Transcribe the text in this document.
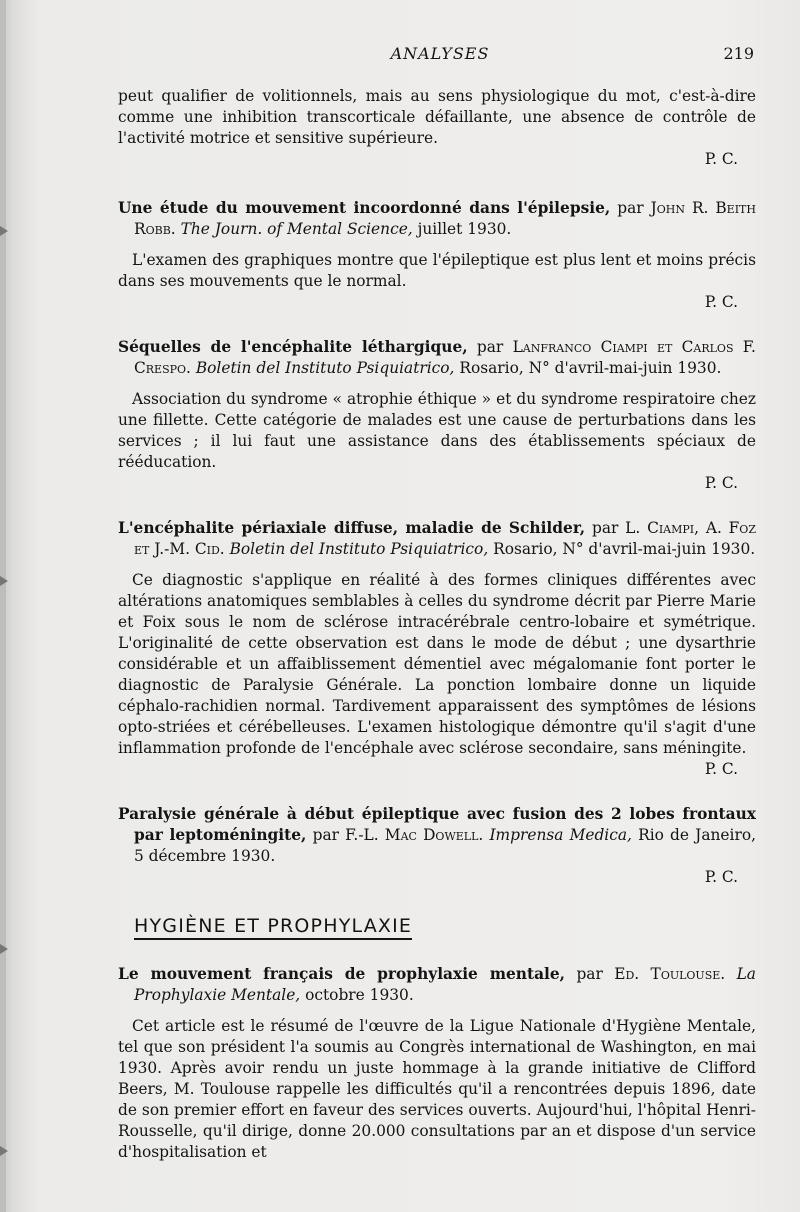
ANALYSES	219

peut qualifier de volitionnels, mais au sens physiologique du mot, c'est-à-dire comme une inhibition transcorticale défaillante, une absence de contrôle de l'activité motrice et sensitive supérieure.

P. C.

Une étude du mouvement incoordonné dans l'épilepsie, par John R. Beith Robb. The Journ. of Mental Science, juillet 1930.

L'examen des graphiques montre que l'épileptique est plus lent et moins précis dans ses mouvements que le normal.

P. C.

Séquelles de l'encéphalite léthargique, par Lanfranco Ciampi et Carlos F. Crespo. Boletin del Instituto Psiquiatrico, Rosario, N° d'avril-mai-juin 1930.

Association du syndrome « atrophie éthique » et du syndrome respiratoire chez une fillette. Cette catégorie de malades est une cause de perturbations dans les services ; il lui faut une assistance dans des établissements spéciaux de rééducation.

P. C.

L'encéphalite périaxiale diffuse, maladie de Schilder, par L. Ciampi, A. Foz et J.-M. Cid. Boletin del Instituto Psiquiatrico, Rosario, N° d'avril-mai-juin 1930.

Ce diagnostic s'applique en réalité à des formes cliniques différentes avec altérations anatomiques semblables à celles du syndrome décrit par Pierre Marie et Foix sous le nom de sclérose intracérébrale centro-lobaire et symétrique. L'originalité de cette observation est dans le mode de début ; une dysarthrie considérable et un affaiblissement démentiel avec mégalomanie font porter le diagnostic de Paralysie Générale. La ponction lombaire donne un liquide céphalo-rachidien normal. Tardivement apparaissent des symptômes de lésions opto-striées et cérébelleuses. L'examen histologique démontre qu'il s'agit d'une inflammation profonde de l'encéphale avec sclérose secondaire, sans méningite.

P. C.

Paralysie générale à début épileptique avec fusion des 2 lobes frontaux par leptoméningite, par F.-L. Mac Dowell. Imprensa Medica, Rio de Janeiro, 5 décembre 1930.

P. C.

HYGIÈNE ET PROPHYLAXIE

Le mouvement français de prophylaxie mentale, par Ed. Toulouse. La Prophylaxie Mentale, octobre 1930.

Cet article est le résumé de l'œuvre de la Ligue Nationale d'Hygiène Mentale, tel que son président l'a soumis au Congrès international de Washington, en mai 1930. Après avoir rendu un juste hommage à la grande initiative de Clifford Beers, M. Toulouse rappelle les difficultés qu'il a rencontrées depuis 1896, date de son premier effort en faveur des services ouverts. Aujourd'hui, l'hôpital Henri-Rousselle, qu'il dirige, donne 20.000 consultations par an et dispose d'un service d'hospitalisation et
